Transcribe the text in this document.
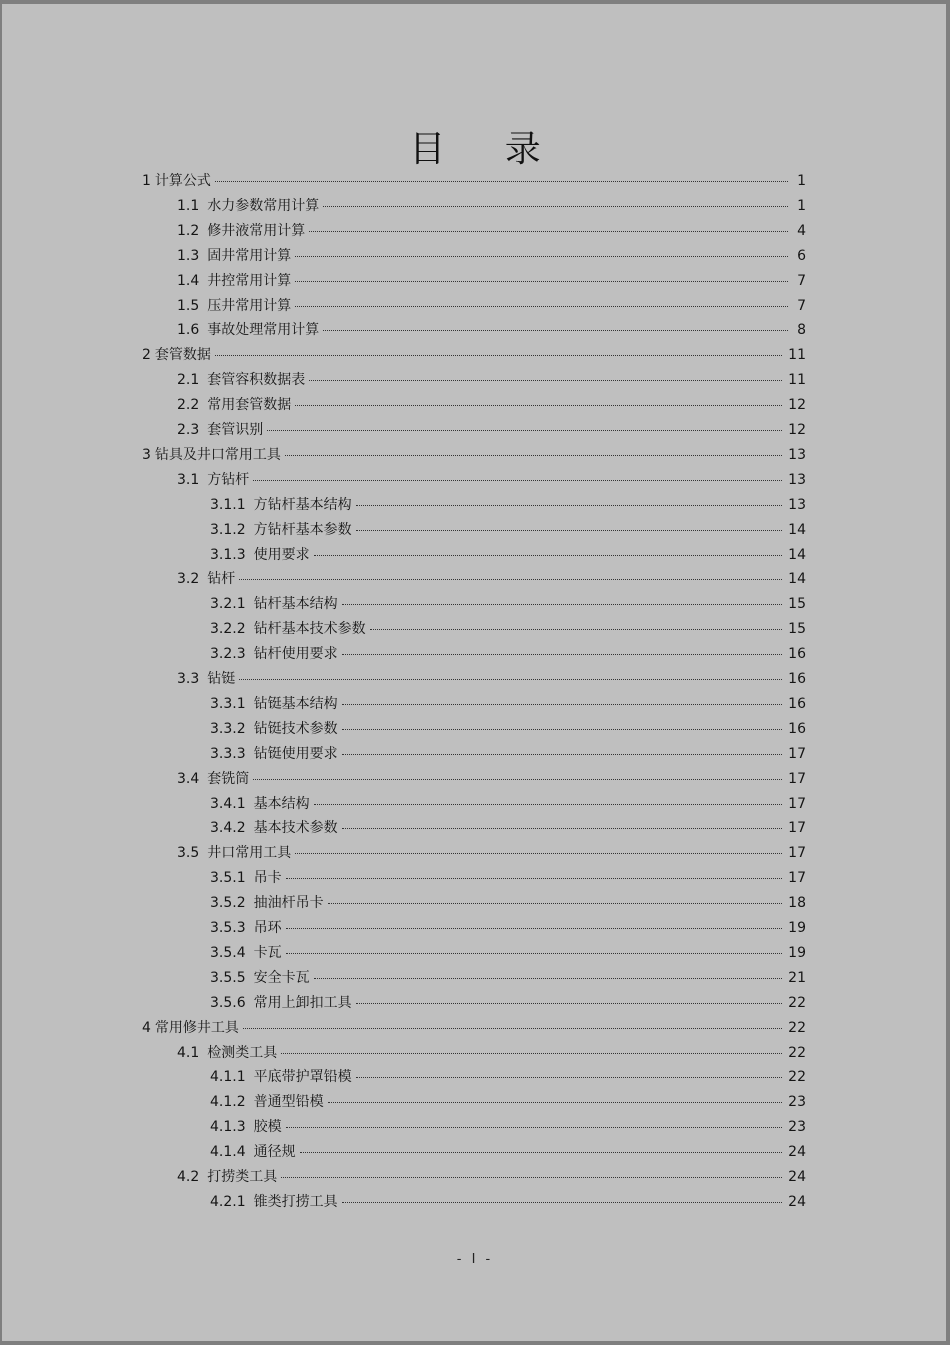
目 录
1 计算公式	1
1.1 水力参数常用计算	1
1.2 修井液常用计算	4
1.3 固井常用计算	6
1.4 井控常用计算	7
1.5 压井常用计算	7
1.6 事故处理常用计算	8
2 套管数据	11
2.1 套管容积数据表	11
2.2 常用套管数据	12
2.3 套管识别	12
3 钻具及井口常用工具	13
3.1 方钻杆	13
3.1.1 方钻杆基本结构	13
3.1.2 方钻杆基本参数	14
3.1.3 使用要求	14
3.2 钻杆	14
3.2.1 钻杆基本结构	15
3.2.2 钻杆基本技术参数	15
3.2.3 钻杆使用要求	16
3.3 钻铤	16
3.3.1 钻铤基本结构	16
3.3.2 钻铤技术参数	16
3.3.3 钻铤使用要求	17
3.4 套铣筒	17
3.4.1 基本结构	17
3.4.2 基本技术参数	17
3.5 井口常用工具	17
3.5.1 吊卡	17
3.5.2 抽油杆吊卡	18
3.5.3 吊环	19
3.5.4 卡瓦	19
3.5.5 安全卡瓦	21
3.5.6 常用上卸扣工具	22
4 常用修井工具	22
4.1 检测类工具	22
4.1.1 平底带护罩铅模	22
4.1.2 普通型铅模	23
4.1.3 胶模	23
4.1.4 通径规	24
4.2 打捞类工具	24
4.2.1 锥类打捞工具	24
- I -
